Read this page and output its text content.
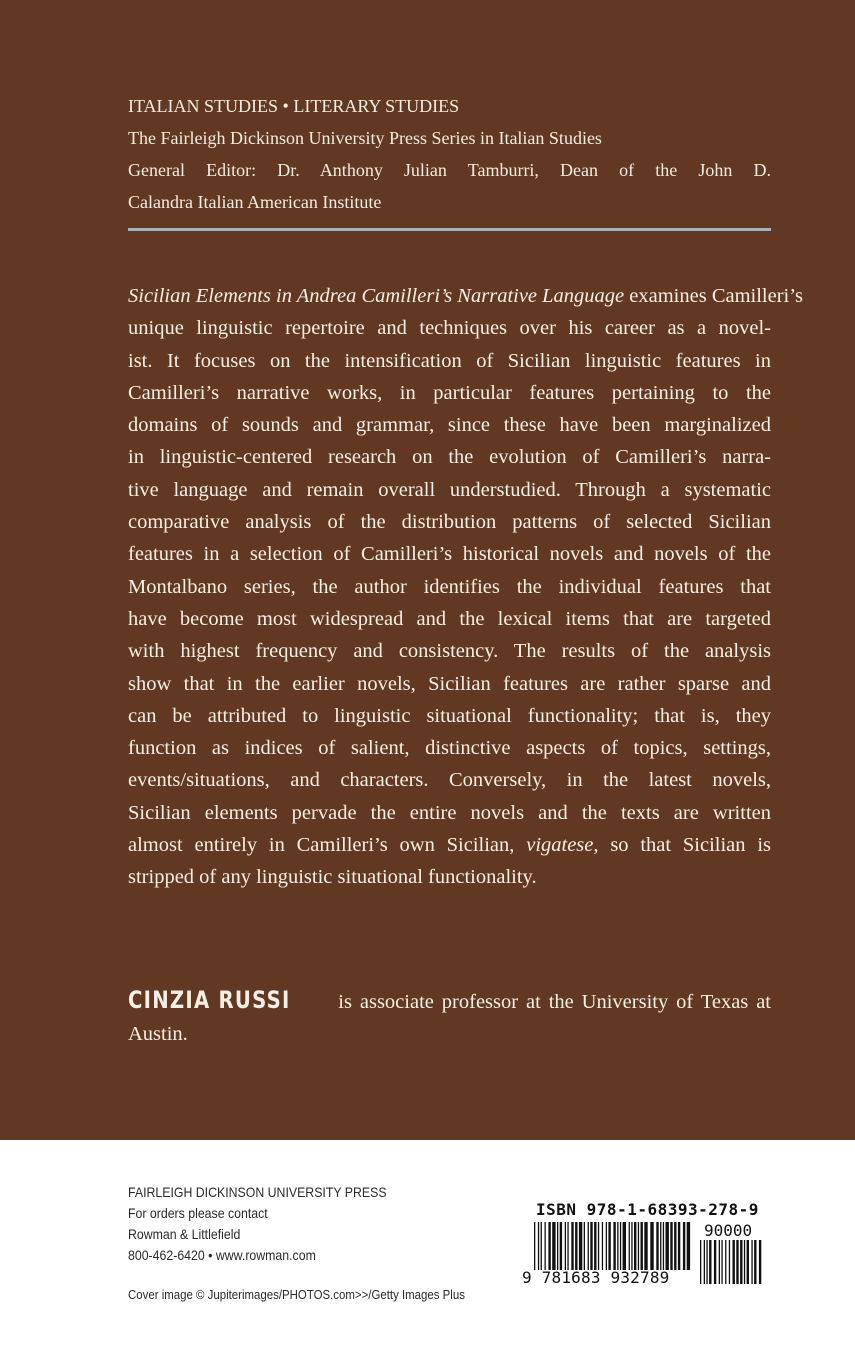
ITALIAN STUDIES • LITERARY STUDIES
The Fairleigh Dickinson University Press Series in Italian Studies
General Editor: Dr. Anthony Julian Tamburri, Dean of the John D.
Calandra Italian American Institute
Sicilian Elements in Andrea Camilleri’s Narrative Language examines Camilleri’s
unique linguistic repertoire and techniques over his career as a novel-
ist. It focuses on the intensification of Sicilian linguistic features in
Camilleri’s narrative works, in particular features pertaining to the
domains of sounds and grammar, since these have been marginalized
in linguistic-centered research on the evolution of Camilleri’s narra-
tive language and remain overall understudied. Through a systematic
comparative analysis of the distribution patterns of selected Sicilian
features in a selection of Camilleri’s historical novels and novels of the
Montalbano series, the author identifies the individual features that
have become most widespread and the lexical items that are targeted
with highest frequency and consistency. The results of the analysis
show that in the earlier novels, Sicilian features are rather sparse and
can be attributed to linguistic situational functionality; that is, they
function as indices of salient, distinctive aspects of topics, settings,
events/situations, and characters. Conversely, in the latest novels,
Sicilian elements pervade the entire novels and the texts are written
almost entirely in Camilleri’s own Sicilian, vigatese, so that Sicilian is
stripped of any linguistic situational functionality.
CINZIA RUSSI is associate professor at the University of Texas at
Austin.
FAIRLEIGH DICKINSON UNIVERSITY PRESS
For orders please contact
Rowman & Littlefield
800-462-6420 • www.rowman.com
Cover image © Jupiterimages/PHOTOS.com>>/Getty Images Plus
ISBN 978-1-68393-278-9
90000
9 781683 932789
